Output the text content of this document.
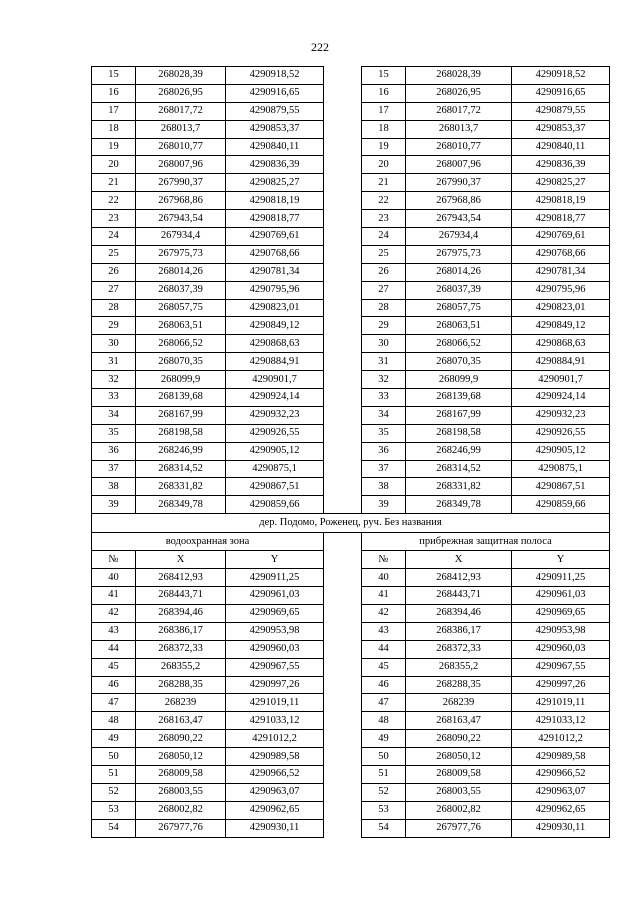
222
15	268028,39	4290918,52		15	268028,39	4290918,52
16	268026,95	4290916,65		16	268026,95	4290916,65
17	268017,72	4290879,55		17	268017,72	4290879,55
18	268013,7	4290853,37		18	268013,7	4290853,37
19	268010,77	4290840,11		19	268010,77	4290840,11
20	268007,96	4290836,39		20	268007,96	4290836,39
21	267990,37	4290825,27		21	267990,37	4290825,27
22	267968,86	4290818,19		22	267968,86	4290818,19
23	267943,54	4290818,77		23	267943,54	4290818,77
24	267934,4	4290769,61		24	267934,4	4290769,61
25	267975,73	4290768,66		25	267975,73	4290768,66
26	268014,26	4290781,34		26	268014,26	4290781,34
27	268037,39	4290795,96		27	268037,39	4290795,96
28	268057,75	4290823,01		28	268057,75	4290823,01
29	268063,51	4290849,12		29	268063,51	4290849,12
30	268066,52	4290868,63		30	268066,52	4290868,63
31	268070,35	4290884,91		31	268070,35	4290884,91
32	268099,9	4290901,7		32	268099,9	4290901,7
33	268139,68	4290924,14		33	268139,68	4290924,14
34	268167,99	4290932,23		34	268167,99	4290932,23
35	268198,58	4290926,55		35	268198,58	4290926,55
36	268246,99	4290905,12		36	268246,99	4290905,12
37	268314,52	4290875,1		37	268314,52	4290875,1
38	268331,82	4290867,51		38	268331,82	4290867,51
39	268349,78	4290859,66		39	268349,78	4290859,66
дер. Подомо, Роженец, руч. Без названия						
водоохранная зона				прибрежная защитная полоса		
№	X	Y		№	X	Y
40	268412,93	4290911,25		40	268412,93	4290911,25
41	268443,71	4290961,03		41	268443,71	4290961,03
42	268394,46	4290969,65		42	268394,46	4290969,65
43	268386,17	4290953,98		43	268386,17	4290953,98
44	268372,33	4290960,03		44	268372,33	4290960,03
45	268355,2	4290967,55		45	268355,2	4290967,55
46	268288,35	4290997,26		46	268288,35	4290997,26
47	268239	4291019,11		47	268239	4291019,11
48	268163,47	4291033,12		48	268163,47	4291033,12
49	268090,22	4291012,2		49	268090,22	4291012,2
50	268050,12	4290989,58		50	268050,12	4290989,58
51	268009,58	4290966,52		51	268009,58	4290966,52
52	268003,55	4290963,07		52	268003,55	4290963,07
53	268002,82	4290962,65		53	268002,82	4290962,65
54	267977,76	4290930,11		54	267977,76	4290930,11
